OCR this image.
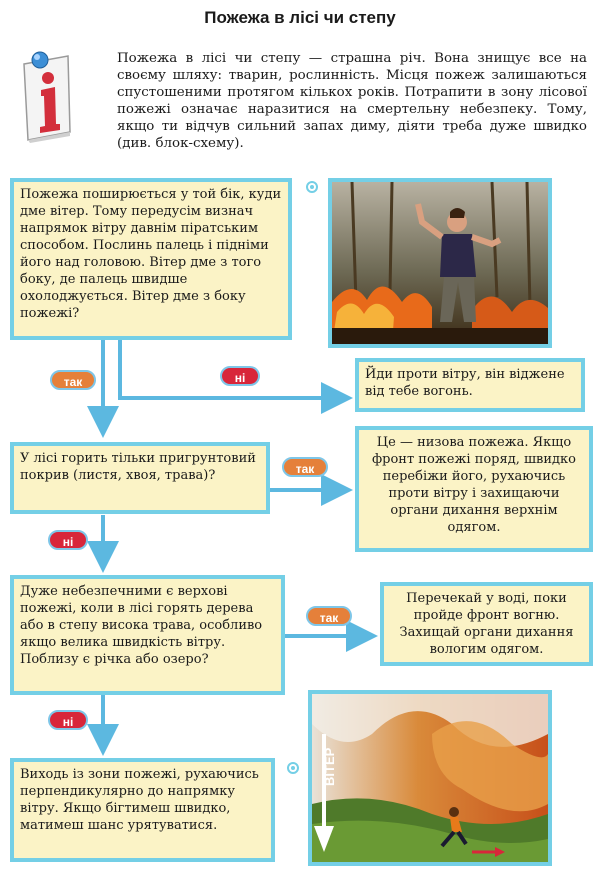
Пожежа в лісі чи степу
Пожежа в лісі чи степу — страшна річ. Вона знищує все на своєму шляху: тварин, рослинність. Місця пожеж залишаються спустошеними протягом кількох років. Потрапити в зону лісової пожежі означає наразитися на смертельну небезпеку. Тому, якщо ти відчув сильний запах диму, діяти треба дуже швидко (див. блок-схему).
Пожежа поширюється у той бік, куди дме вітер. Тому передусім визнач напрямок вітру давнім піратським способом. Послинь палець і підніми його над головою. Вітер дме з того боку, де палець швидше охолоджується. Вітер дме з боку пожежі?
Йди проти вітру, він віджене від тебе вогонь.
У лісі горить тільки пригрунтовий покрив (листя, хвоя, трава)?
Це — низова пожежа. Якщо фронт пожежі поряд, швидко перебіжи його, рухаючись проти вітру і захищаючи органи дихання верхнім одягом.
Дуже небезпечними є верхові пожежі, коли в лісі горять дерева або в степу висока трава, особливо якщо велика швидкість вітру. Поблизу є річка або озеро?
Перечекай у воді, поки пройде фронт вогню. Захищай органи дихання вологим одягом.
Виходь із зони пожежі, рухаючись перпендикулярно до напрямку вітру. Якщо бігтимеш швидко, матимеш шанс урятуватися.
так	ні
так
ні
так
ні
ВІТЕР
